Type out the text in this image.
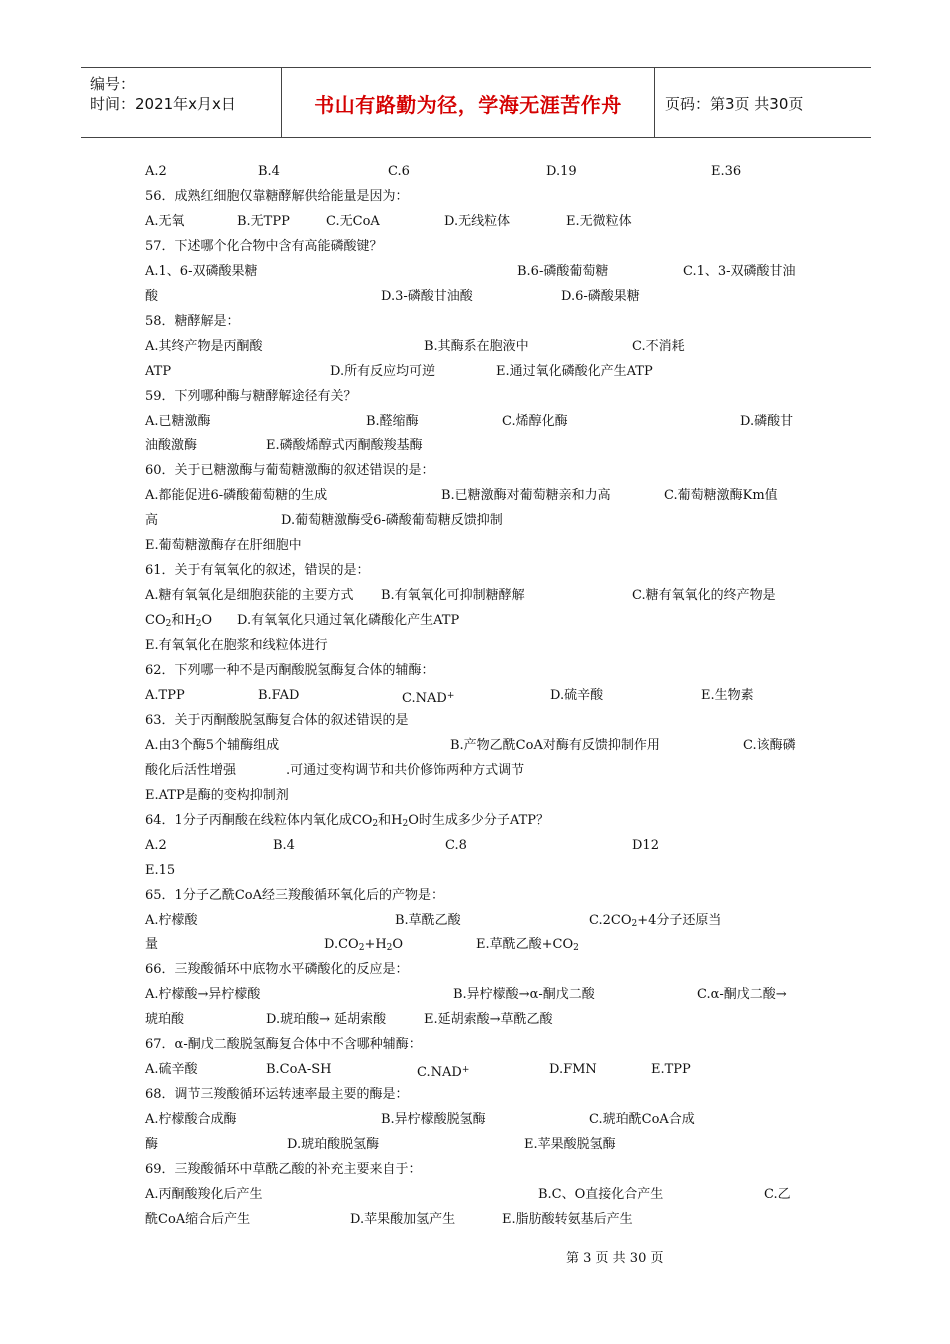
编号：
时间：2021年x月x日	书山有路勤为径，学海无涯苦作舟	页码：第3页 共30页
A.2	B.4	C.6	D.19	E.36
56．成熟红细胞仅靠糖酵解供给能量是因为：
A.无氧	B.无TPP	C.无CoA	D.无线粒体	E.无微粒体
57．下述哪个化合物中含有高能磷酸键？
A.1、6-双磷酸果糖	B.6-磷酸葡萄糖	C.1、3-双磷酸甘油
酸	D.3-磷酸甘油酸	D.6-磷酸果糖
58．糖酵解是：
A.其终产物是丙酮酸	B.其酶系在胞液中	C.不消耗
ATP	D.所有反应均可逆	E.通过氧化磷酸化产生ATP
59．下列哪种酶与糖酵解途径有关？
A.已糖激酶	B.醛缩酶	C.烯醇化酶	D.磷酸甘
油酸激酶	E.磷酸烯醇式丙酮酸羧基酶
60．关于已糖激酶与葡萄糖激酶的叙述错误的是：
A.都能促进6-磷酸葡萄糖的生成	B.已糖激酶对葡萄糖亲和力高	C.葡萄糖激酶Km值
高	D.葡萄糖激酶受6-磷酸葡萄糖反馈抑制
E.葡萄糖激酶存在肝细胞中
61．关于有氧氧化的叙述，错误的是：
A.糖有氧氧化是细胞获能的主要方式 B.有氧氧化可抑制糖酵解	C.糖有氧氧化的终产物是
$CO_2$和$H_2O$ D.有氧氧化只通过氧化磷酸化产生ATP
E.有氧氧化在胞浆和线粒体进行
62．下列哪一种不是丙酮酸脱氢酶复合体的辅酶：
A.TPP	B.FAD	C.NAD+	D.硫辛酸	E.生物素
63．关于丙酮酸脱氢酶复合体的叙述错误的是
A.由3个酶5个辅酶组成	B.产物乙酰CoA对酶有反馈抑制作用	C.该酶磷
酸化后活性增强	.可通过变构调节和共价修饰两种方式调节
E.ATP是酶的变构抑制剂
64．1分子丙酮酸在线粒体内氧化成$CO_2$和$H_2O$时生成多少分子ATP？
A.2	B.4	C.8	D12
E.15
65．1分子乙酰CoA经三羧酸循环氧化后的产物是：
A.柠檬酸	B.草酰乙酸	$C.2CO_2+4$分子还原当
量	$D.CO_2+H_2O$	E.草酰乙酸$+CO_2$
66．三羧酸循环中底物水平磷酸化的反应是：
A.柠檬酸→异柠檬酸	B.异柠檬酸→α-酮戊二酸	C.α-酮戊二酸→
琥珀酸	D.琥珀酸→ 延胡索酸	E.延胡索酸→草酰乙酸
67．α-酮戊二酸脱氢酶复合体中不含哪种辅酶：
A.硫辛酸	B.CoA-SH	C.NAD+	D.FMN	E.TPP
68．调节三羧酸循环运转速率最主要的酶是：
A.柠檬酸合成酶	B.异柠檬酸脱氢酶	C.琥珀酰CoA合成
酶	D.琥珀酸脱氢酶	E.苹果酸脱氢酶
69．三羧酸循环中草酰乙酸的补充主要来自于：
A.丙酮酸羧化后产生	B.C、O直接化合产生	C.乙
酰CoA缩合后产生	D.苹果酸加氢产生	E.脂肪酸转氨基后产生
第 3 页 共 30 页
